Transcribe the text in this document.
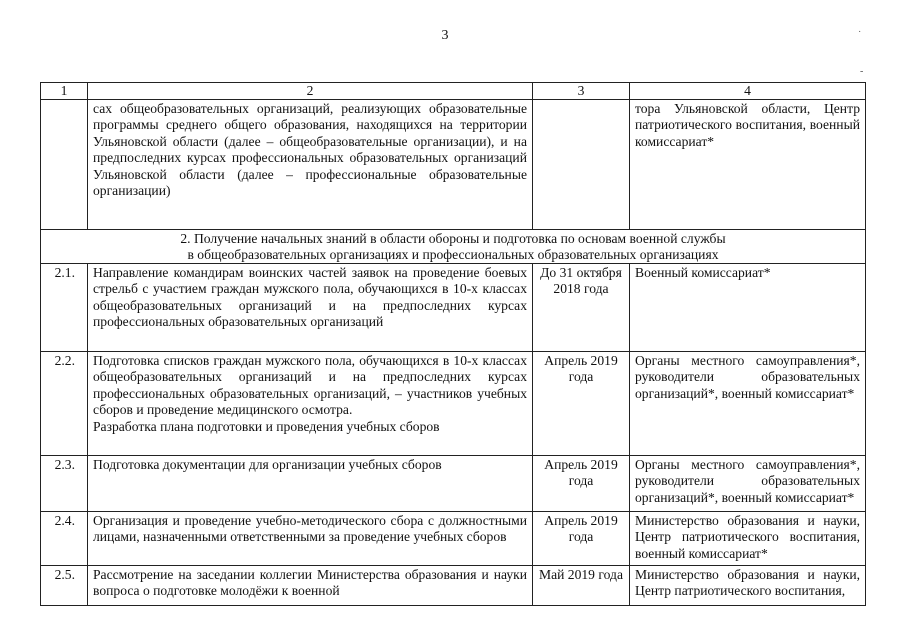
3	˙
-
1	2	3	4
	сах общеобразовательных организаций, реализующих образовательные программы среднего общего образования, находящихся на территории Ульяновской области (далее – общеобразовательные организации), и на предпоследних курсах профессиональных образовательных организаций Ульяновской области (далее – профессиональные образовательные организации)		тора Ульяновской области, Центр патриотического воспитания, военный комиссариат*

2. Получение начальных знаний в области обороны и подготовка по основам военной службы
в общеобразовательных организациях и профессиональных образовательных организациях			

2.1.	Направление командирам воинских частей заявок на проведение боевых стрельб с участием граждан мужского пола, обучающихся в 10-х классах общеобразовательных организаций и на предпоследних курсах профессиональных образовательных организаций	До 31 октября 2018 года	Военный комиссариат*
2.2.	Подготовка списков граждан мужского пола, обучающихся в 10-х классах общеобразовательных организаций и на предпоследних курсах профессиональных образовательных организаций, – участников учебных сборов и проведение медицинского осмотра.
Разработка плана подготовки и проведения учебных сборов	Апрель 2019 года	Органы местного самоуправления*, руководители образовательных организаций*, военный комиссариат*
2.3.	Подготовка документации для организации учебных сборов	Апрель 2019 года	Органы местного самоуправления*, руководители образовательных организаций*, военный комиссариат*
2.4.	Организация и проведение учебно-методического сбора с должностными лицами, назначенными ответственными за проведение учебных сборов	Апрель 2019 года	Министерство образования и науки, Центр патриотического воспитания, военный комиссариат*
2.5.	Рассмотрение на заседании коллегии Министерства образования и науки вопроса о подготовке молодёжи к военной	Май 2019 года	Министерство образования и науки, Центр патриотического воспитания,
